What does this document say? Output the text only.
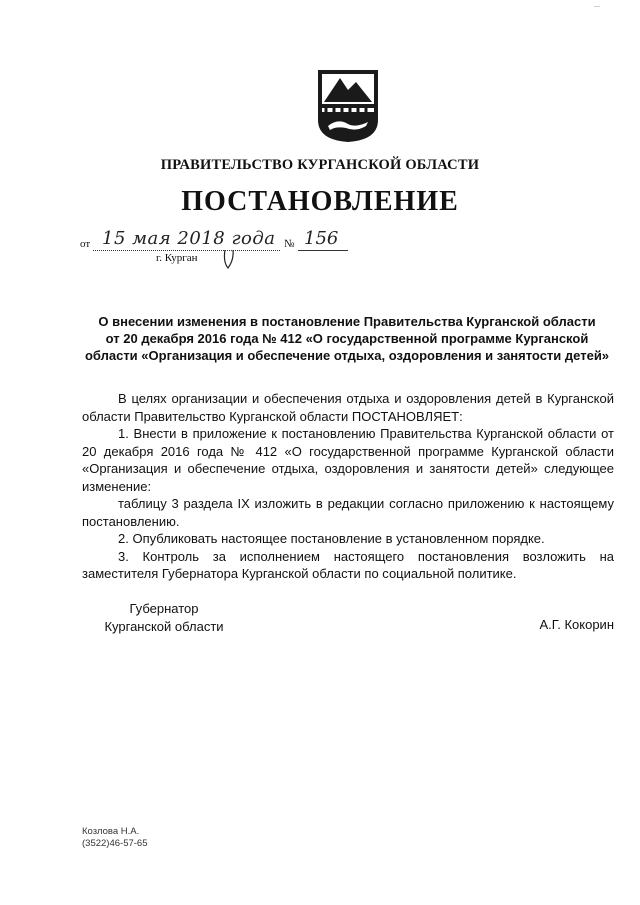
—
ПРАВИТЕЛЬСТВО КУРГАНСКОЙ ОБЛАСТИ
ПОСТАНОВЛЕНИЕ
от 15 мая 2018 года № 156
г. Курган
О внесении изменения в постановление Правительства Курганской области
от 20 декабря 2016 года № 412 «О государственной программе Курганской
области «Организация и обеспечение отдыха, оздоровления и занятости детей»

В целях организации и обеспечения отдыха и оздоровления детей в Курганской области Правительство Курганской области ПОСТАНОВЛЯЕТ:

1. Внести в приложение к постановлению Правительства Курганской области от 20 декабря 2016 года № 412 «О государственной программе Курганской области «Организация и обеспечение отдыха, оздоровления и занятости детей» следующее изменение:

таблицу 3 раздела IX изложить в редакции согласно приложению к настоящему постановлению.

2. Опубликовать настоящее постановление в установленном порядке.

3. Контроль за исполнением настоящего постановления возложить на заместителя Губернатора Курганской области по социальной политике.

Губернатор
Курганской области	А.Г. Кокорин
Козлова Н.А.
(3522)46-57-65
